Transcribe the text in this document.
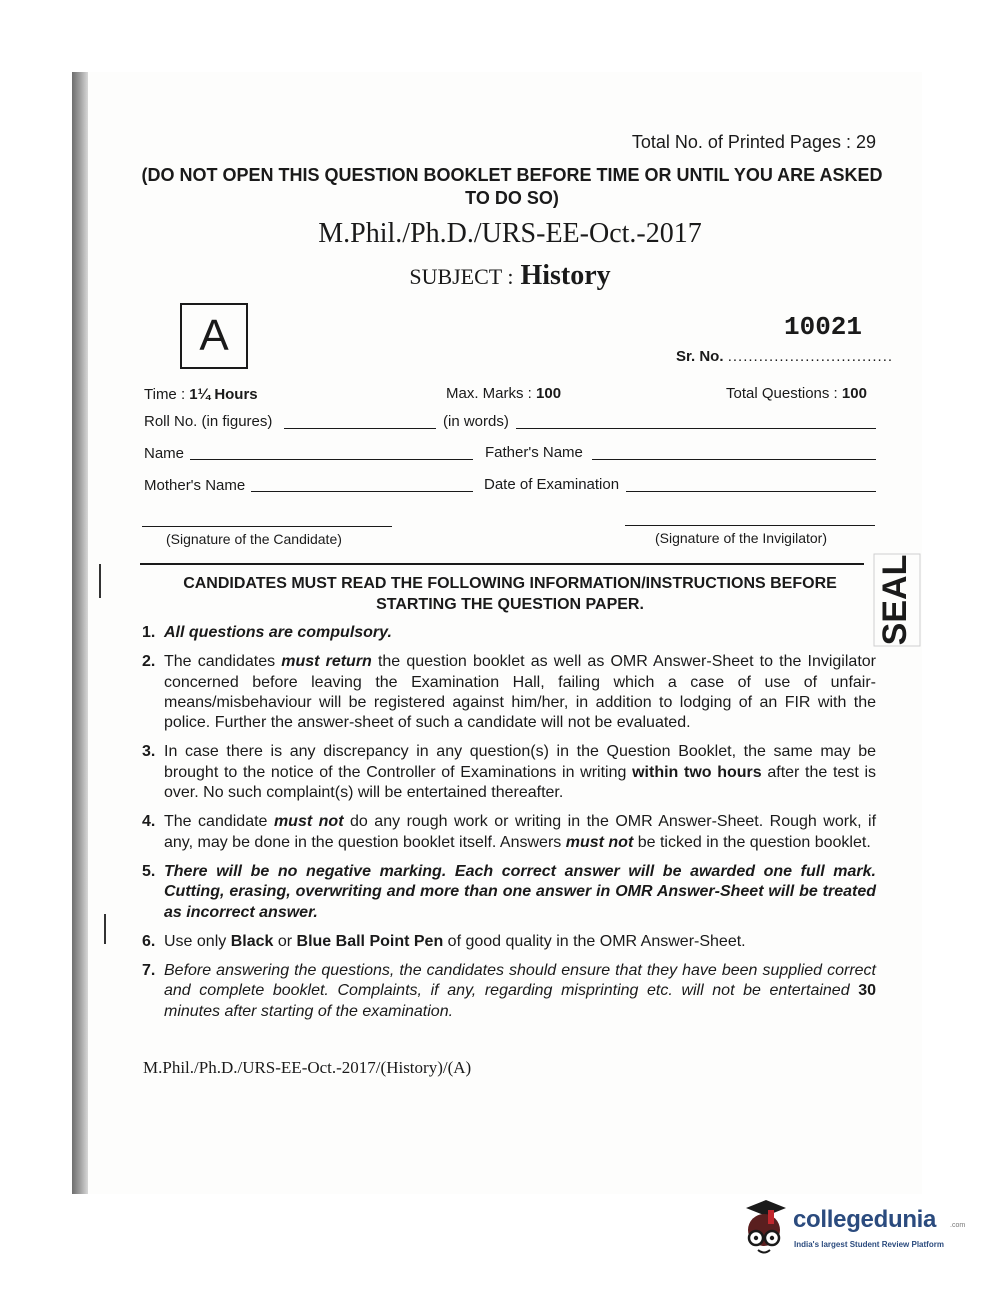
Total No. of Printed Pages : 29
(DO NOT OPEN THIS QUESTION BOOKLET BEFORE TIME OR UNTIL YOU ARE ASKED TO DO SO)
M.Phil./Ph.D./URS-EE-Oct.-2017
SUBJECT : History
A	10021
Sr. No. ................................
Time : 1¼ Hours	Max. Marks : 100	Total Questions : 100
Roll No. (in figures)	(in words)
Name	Father's Name
Mother's Name	Date of Examination
(Signature of the Candidate)	(Signature of the Invigilator)
SEAL
CANDIDATES MUST READ THE FOLLOWING INFORMATION/INSTRUCTIONS BEFORE
STARTING THE QUESTION PAPER.
1. All questions are compulsory.
2. The candidates must return the question booklet as well as OMR Answer-Sheet to the Invigilator concerned before leaving the Examination Hall, failing which a case of use of unfair-means/misbehaviour will be registered against him/her, in addition to lodging of an FIR with the police. Further the answer-sheet of such a candidate will not be evaluated.
3. In case there is any discrepancy in any question(s) in the Question Booklet, the same may be brought to the notice of the Controller of Examinations in writing within two hours after the test is over. No such complaint(s) will be entertained thereafter.
4. The candidate must not do any rough work or writing in the OMR Answer-Sheet. Rough work, if any, may be done in the question booklet itself. Answers must not be ticked in the question booklet.
5. There will be no negative marking. Each correct answer will be awarded one full mark. Cutting, erasing, overwriting and more than one answer in OMR Answer-Sheet will be treated as incorrect answer.
6. Use only Black or Blue Ball Point Pen of good quality in the OMR Answer-Sheet.
7. Before answering the questions, the candidates should ensure that they have been supplied correct and complete booklet. Complaints, if any, regarding misprinting etc. will not be entertained 30 minutes after starting of the examination.
M.Phil./Ph.D./URS-EE-Oct.-2017/(History)/(A)
collegedunia .com
India's largest Student Review Platform
